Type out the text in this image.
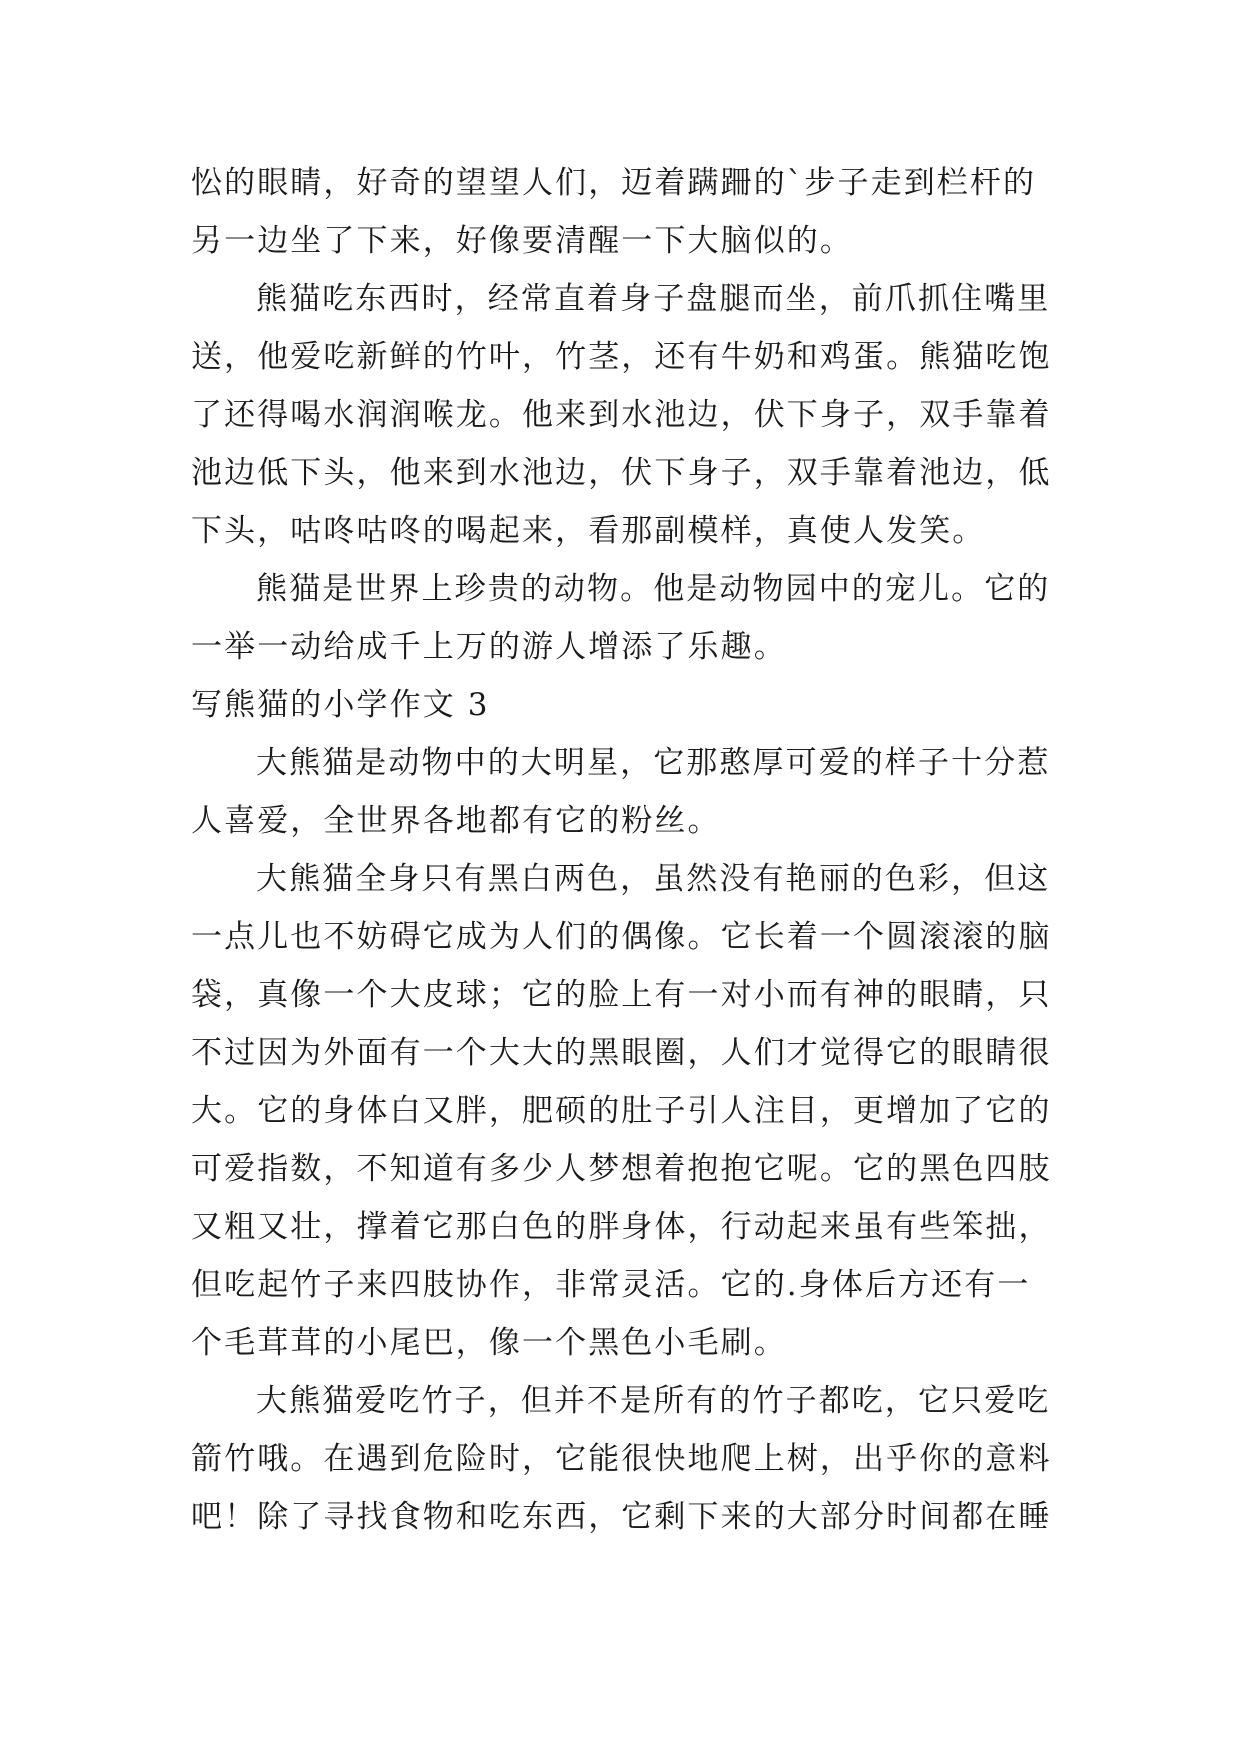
忪的眼睛，好奇的望望人们，迈着蹒跚的`步子走到栏杆的
另一边坐了下来，好像要清醒一下大脑似的。
熊猫吃东西时，经常直着身子盘腿而坐，前爪抓住嘴里
送，他爱吃新鲜的竹叶，竹茎，还有牛奶和鸡蛋。熊猫吃饱
了还得喝水润润喉龙。他来到水池边，伏下身子，双手靠着
池边低下头，他来到水池边，伏下身子，双手靠着池边，低
下头，咕咚咕咚的喝起来，看那副模样，真使人发笑。
熊猫是世界上珍贵的动物。他是动物园中的宠儿。它的
一举一动给成千上万的游人增添了乐趣。
写熊猫的小学作文 3
大熊猫是动物中的大明星，它那憨厚可爱的样子十分惹
人喜爱，全世界各地都有它的粉丝。
大熊猫全身只有黑白两色，虽然没有艳丽的色彩，但这
一点儿也不妨碍它成为人们的偶像。它长着一个圆滚滚的脑
袋，真像一个大皮球；它的脸上有一对小而有神的眼睛，只
不过因为外面有一个大大的黑眼圈，人们才觉得它的眼睛很
大。它的身体白又胖，肥硕的肚子引人注目，更增加了它的
可爱指数，不知道有多少人梦想着抱抱它呢。它的黑色四肢
又粗又壮，撑着它那白色的胖身体，行动起来虽有些笨拙，
但吃起竹子来四肢协作，非常灵活。它的.身体后方还有一
个毛茸茸的小尾巴，像一个黑色小毛刷。
大熊猫爱吃竹子，但并不是所有的竹子都吃，它只爱吃
箭竹哦。在遇到危险时，它能很快地爬上树，出乎你的意料
吧！除了寻找食物和吃东西，它剩下来的大部分时间都在睡
